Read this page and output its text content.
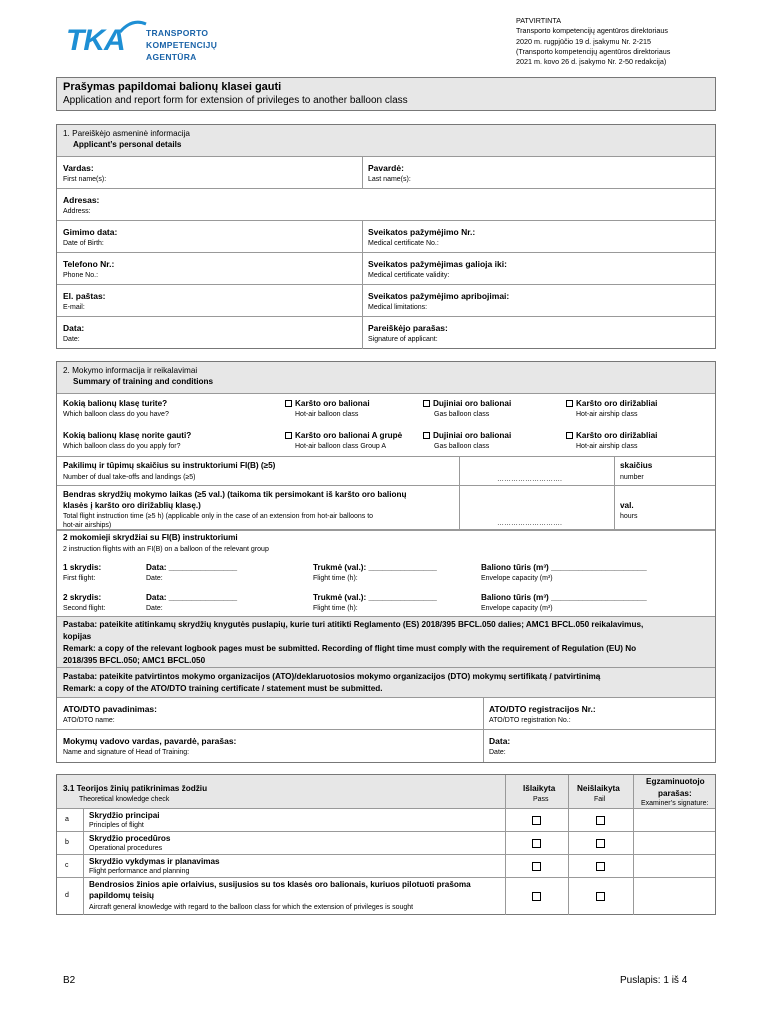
TKA	TRANSPORTO
KOMPETENCIJŲ
AGENTŪRA
PATVIRTINTA
Transporto kompetencijų agentūros direktoriaus
2020 m. rugpjūčio 19 d. įsakymu Nr. 2-215
(Transporto kompetencijų agentūros direktoriaus
2021 m. kovo 26 d. įsakymo Nr. 2-50 redakcija)
Prašymas papildomai balionų klasei gauti
Application and report form for extension of privileges to another balloon class
1. Pareiškėjo asmeninė informacija
Applicant’s personal details
Vardas:
First name(s):
Pavardė:
Last name(s):
Adresas:
Address:
Gimimo data:
Date of Birth:
Sveikatos pažymėjimo Nr.:
Medical certificate No.:
Telefono Nr.:
Phone No.:
Sveikatos pažymėjimas galioja iki:
Medical certificate validity:
El. paštas:
E-mail:
Sveikatos pažymėjimo apribojimai:
Medical limitations:
Data:
Date:
Pareiškėjo parašas:
Signature of applicant:
2. Mokymo informacija ir reikalavimai
Summary of training and conditions
Kokią balionų klasę turite?
Which balloon class do you have?
Karšto oro balionai
Hot-air balloon class
Dujiniai oro balionai
Gas balloon class
Karšto oro dirižabliai
Hot-air airship class
Kokią balionų klasę norite gauti?
Which balloon class do you apply for?
Karšto oro balionai A grupė
Hot-air balloon class Group A
Dujiniai oro balionai
Gas balloon class
Karšto oro dirižabliai
Hot-air airship class
Pakilimų ir tūpimų skaičius su instruktoriumi FI(B) (≥5)
Number of dual take-offs and landings (≥5)	……………………….
skaičius
number
Bendras skrydžių mokymo laikas (≥5 val.) (taikoma tik persimokant iš karšto oro balionų
klasės į karšto oro dirižablių klasę.)
Total flight instruction time (≥5 h) (applicable only in the case of an extension from hot-air balloons to
hot-air airships)	……………………….
val.
hours
2 mokomieji skrydžiai su FI(B) instruktoriumi
2 instruction flights with an FI(B) on a balloon of the relevant group
1 skrydis:
First flight:
Data: _______________
Date:
Trukmė (val.): _______________
Flight time (h):
Baliono tūris (m³) _____________________
Envelope capacity (m³)
2 skrydis:
Second flight:
Data: _______________
Date:
Trukmė (val.): _______________
Flight time (h):
Baliono tūris (m³) _____________________
Envelope capacity (m³)
Pastaba: pateikite atitinkamų skrydžių knygutės puslapių, kurie turi atitikti Reglamento (ES) 2018/395 BFCL.050 dalies; AMC1 BFCL.050 reikalavimus,
kopijas
Remark: a copy of the relevant logbook pages must be submitted. Recording of flight time must comply with the requirement of Regulation (EU) No
2018/395 BFCL.050; AMC1 BFCL.050
Pastaba: pateikite patvirtintos mokymo organizacijos (ATO)/deklaruotosios mokymo organizacijos (DTO) mokymų sertifikatą / patvirtinimą
Remark: a copy of the ATO/DTO training certificate / statement must be submitted.
ATO/DTO pavadinimas:
ATO/DTO name:
ATO/DTO registracijos Nr.:
ATO/DTO registration No.:
Mokymų vadovo vardas, pavardė, parašas:
Name and signature of Head of Training:
Data:
Date:
3.1 Teorijos žinių patikrinimas žodžiu
Theoretical knowledge check
Išlaikyta
Pass
Neišlaikyta
Fail
Egzaminuotojo
parašas:
Examiner’s signature:
a Skrydžio principai
Principles of flight
b Skrydžio procedūros
Operational procedures
c	Skrydžio vykdymas ir planavimas
Flight performance and planning
d
Bendrosios žinios apie orlaivius, susijusios su tos klasės oro balionais, kuriuos pilotuoti prašoma
papildomų teisių
Aircraft general knowledge with regard to the balloon class for which the extension of privileges is sought
B2	Puslapis: 1 iš 4
